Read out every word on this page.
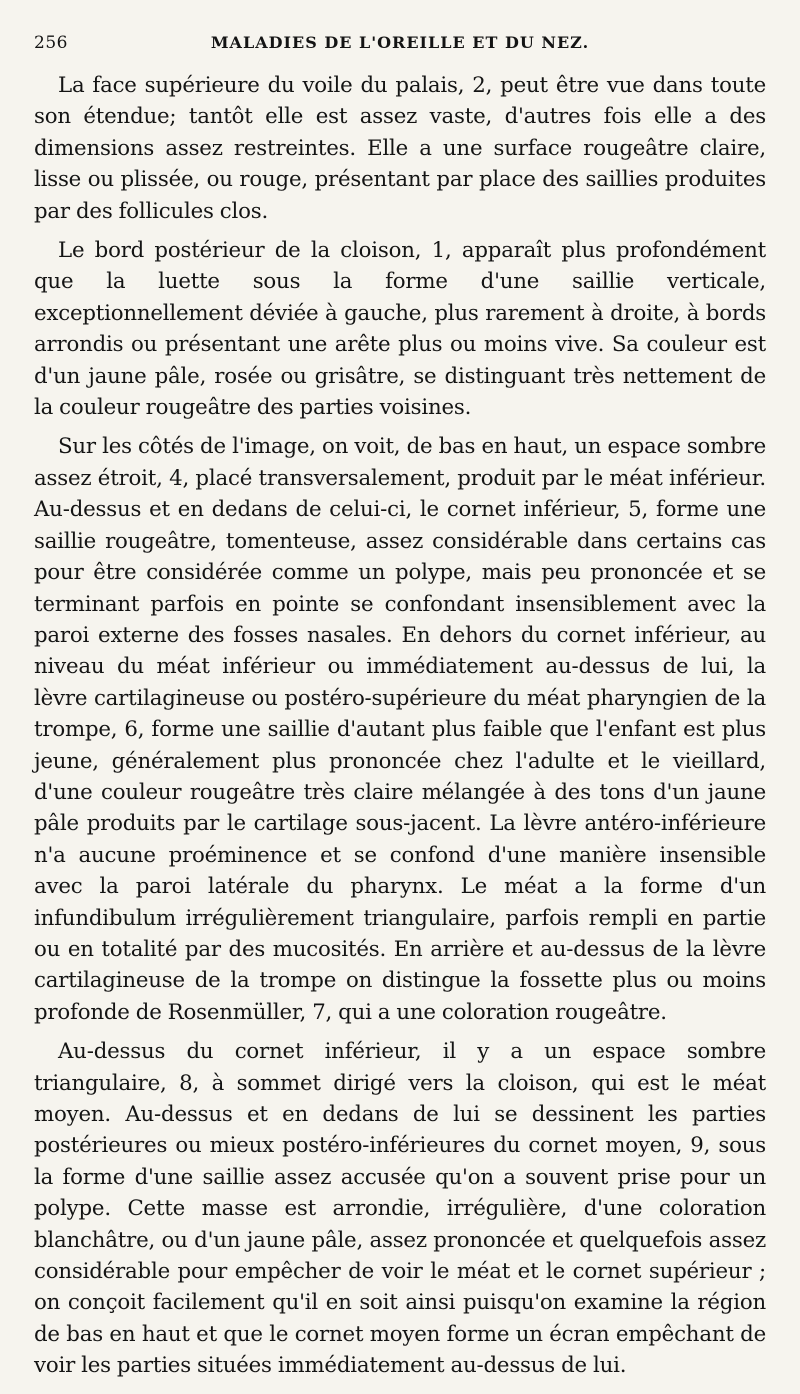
256	MALADIES DE L'OREILLE ET DU NEZ.

La face supérieure du voile du palais, 2, peut être vue dans toute son étendue; tantôt elle est assez vaste, d'autres fois elle a des dimensions assez restreintes. Elle a une surface rougeâtre claire, lisse ou plissée, ou rouge, présentant par place des saillies produites par des follicules clos.

Le bord postérieur de la cloison, 1, apparaît plus profondément que la luette sous la forme d'une saillie verticale, exceptionnellement déviée à gauche, plus rarement à droite, à bords arrondis ou présentant une arête plus ou moins vive. Sa couleur est d'un jaune pâle, rosée ou grisâtre, se distinguant très nettement de la couleur rougeâtre des parties voisines.

Sur les côtés de l'image, on voit, de bas en haut, un espace sombre assez étroit, 4, placé transversalement, produit par le méat inférieur. Au-dessus et en dedans de celui-ci, le cornet inférieur, 5, forme une saillie rougeâtre, tomenteuse, assez considérable dans certains cas pour être considérée comme un polype, mais peu prononcée et se terminant parfois en pointe se confondant insensiblement avec la paroi externe des fosses nasales. En dehors du cornet inférieur, au niveau du méat inférieur ou immédiatement au-dessus de lui, la lèvre cartilagineuse ou postéro-supérieure du méat pharyngien de la trompe, 6, forme une saillie d'autant plus faible que l'enfant est plus jeune, généralement plus prononcée chez l'adulte et le vieillard, d'une couleur rougeâtre très claire mélangée à des tons d'un jaune pâle produits par le cartilage sous-jacent. La lèvre antéro-inférieure n'a aucune proéminence et se confond d'une manière insensible avec la paroi latérale du pharynx. Le méat a la forme d'un infundibulum irrégulièrement triangulaire, parfois rempli en partie ou en totalité par des mucosités. En arrière et au-dessus de la lèvre cartilagineuse de la trompe on distingue la fossette plus ou moins profonde de Rosenmüller, 7, qui a une coloration rougeâtre.

Au-dessus du cornet inférieur, il y a un espace sombre triangulaire, 8, à sommet dirigé vers la cloison, qui est le méat moyen. Au-dessus et en dedans de lui se dessinent les parties postérieures ou mieux postéro-inférieures du cornet moyen, 9, sous la forme d'une saillie assez accusée qu'on a souvent prise pour un polype. Cette masse est arrondie, irrégulière, d'une coloration blanchâtre, ou d'un jaune pâle, assez prononcée et quelquefois assez considérable pour empêcher de voir le méat et le cornet supérieur ; on conçoit facilement qu'il en soit ainsi puisqu'on examine la région de bas en haut et que le cornet moyen forme un écran empêchant de voir les parties situées immédiatement au-dessus de lui.
